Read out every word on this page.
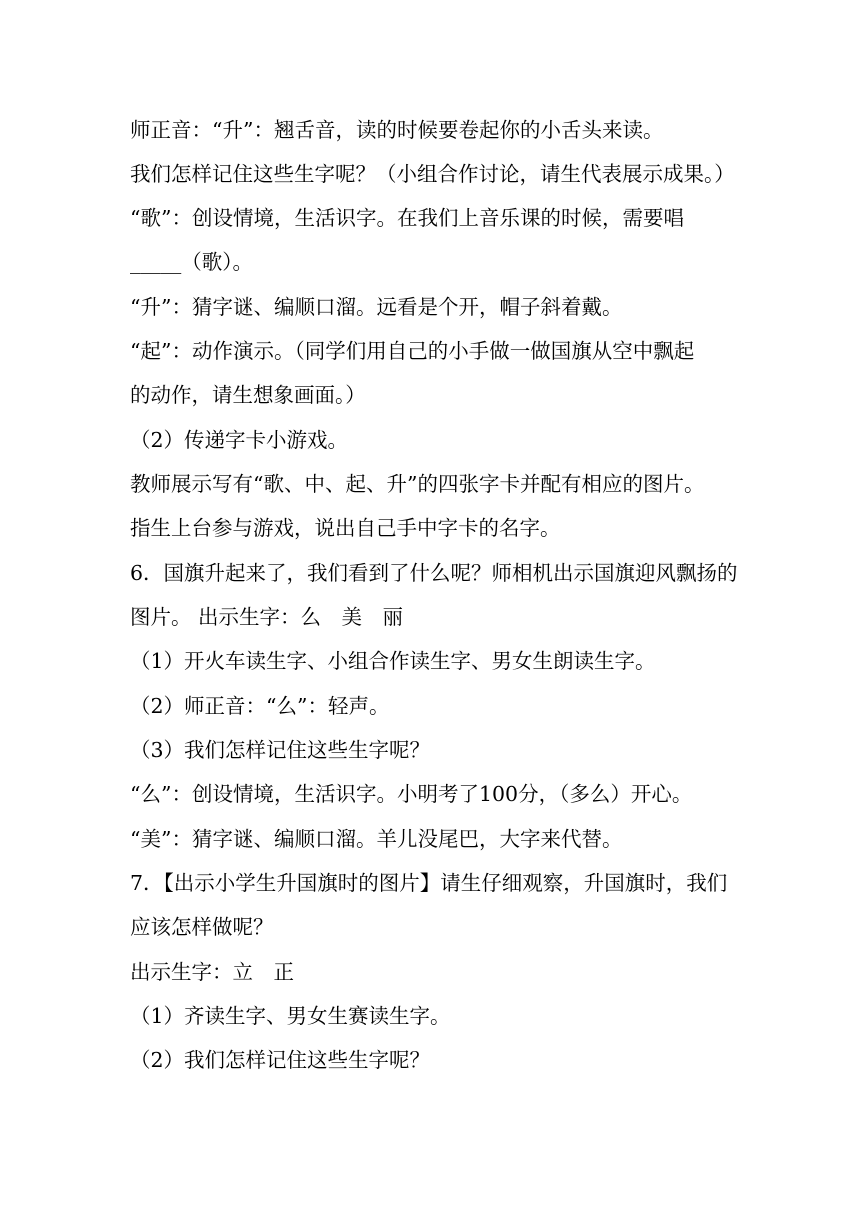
师正音：“升”：翘舌音，读的时候要卷起你的小舌头来读。
我们怎样记住这些生字呢？（小组合作讨论，请生代表展示成果。）
“歌”：创设情境，生活识字。在我们上音乐课的时候，需要唱
_____（歌）。
“升”：猜字谜、编顺口溜。远看是个开，帽子斜着戴。
“起”：动作演示。（同学们用自己的小手做一做国旗从空中飘起
的动作，请生想象画面。）
（2）传递字卡小游戏。
教师展示写有“歌、中、起、升”的四张字卡并配有相应的图片。
指生上台参与游戏，说出自己手中字卡的名字。
6．国旗升起来了，我们看到了什么呢？师相机出示国旗迎风飘扬的
图片。 出示生字：么　美　丽
（1）开火车读生字、小组合作读生字、男女生朗读生字。
（2）师正音：“么”：轻声。
（3）我们怎样记住这些生字呢？
“么”：创设情境，生活识字。小明考了100分，（多么）开心。
“美”：猜字谜、编顺口溜。羊儿没尾巴，大字来代替。
7．【出示小学生升国旗时的图片】请生仔细观察，升国旗时，我们
应该怎样做呢？
出示生字：立　正
（1）齐读生字、男女生赛读生字。
（2）我们怎样记住这些生字呢？
